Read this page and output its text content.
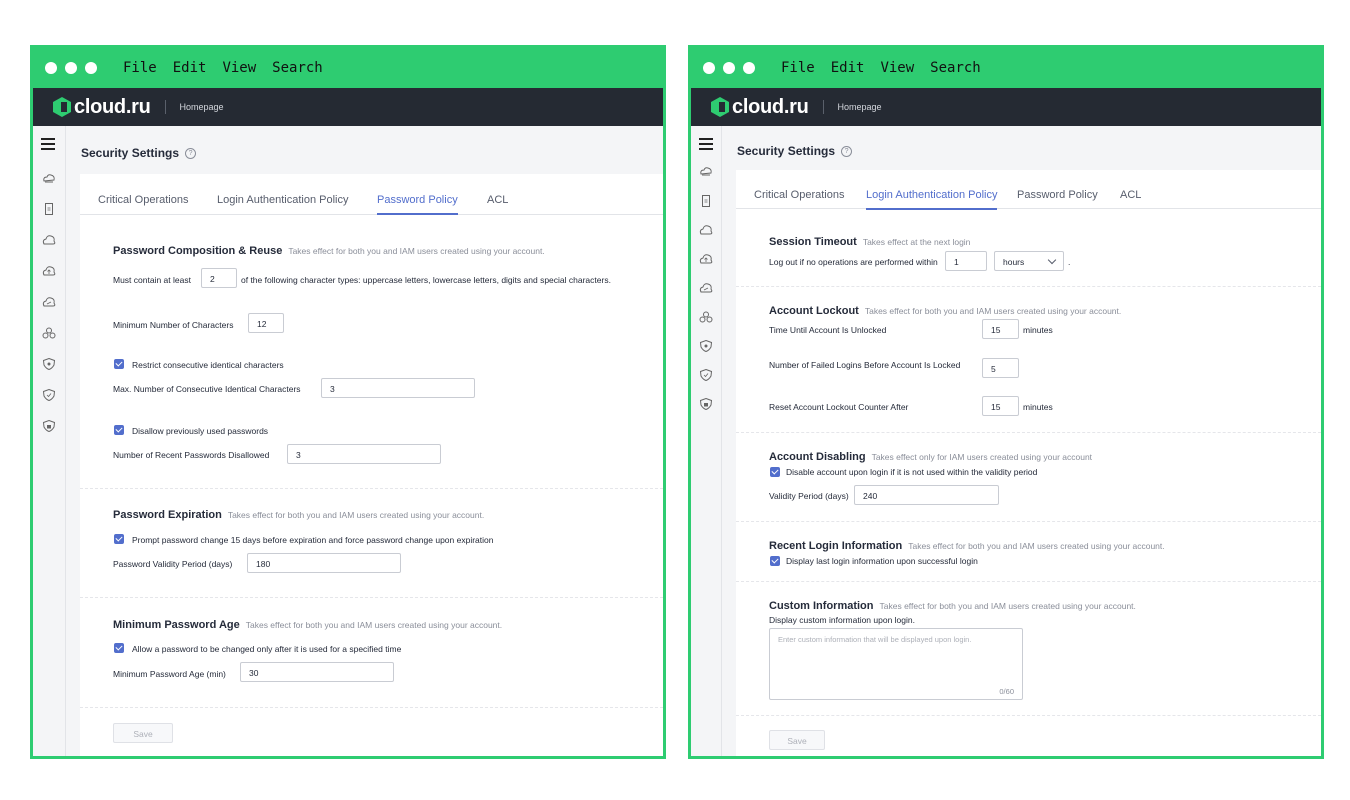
File Edit View Search
cloud.ru	Homepage
Security Settings ?
Critical Operations	Login Authentication Policy	Password Policy	ACL
Password Composition & Reuse Takes effect for both you and IAM users created using your account.
Must contain at least	2	of the following character types: uppercase letters, lowercase letters, digits and special characters.
Minimum Number of Characters	12
Restrict consecutive identical characters
Max. Number of Consecutive Identical Characters	3
Disallow previously used passwords
Number of Recent Passwords Disallowed	3
Password Expiration Takes effect for both you and IAM users created using your account.
Prompt password change 15 days before expiration and force password change upon expiration
Password Validity Period (days)	180
Minimum Password Age Takes effect for both you and IAM users created using your account.
Allow a password to be changed only after it is used for a specified time
Minimum Password Age (min)	30
Save
File Edit View Search
cloud.ru	Homepage
Security Settings ?
Critical Operations Login Authentication Policy Password Policy ACL
Session Timeout Takes effect at the next login
Log out if no operations are performed within	1	hours	.
Account Lockout Takes effect for both you and IAM users created using your account.
Time Until Account Is Unlocked	15	minutes
Number of Failed Logins Before Account Is Locked	5
Reset Account Lockout Counter After	15	minutes
Account Disabling Takes effect only for IAM users created using your account
Disable account upon login if it is not used within the validity period
Validity Period (days)	240
Recent Login Information Takes effect for both you and IAM users created using your account.
Display last login information upon successful login
Custom Information Takes effect for both you and IAM users created using your account.
Display custom information upon login.
Enter custom information that will be displayed upon login.
0/60
Save
